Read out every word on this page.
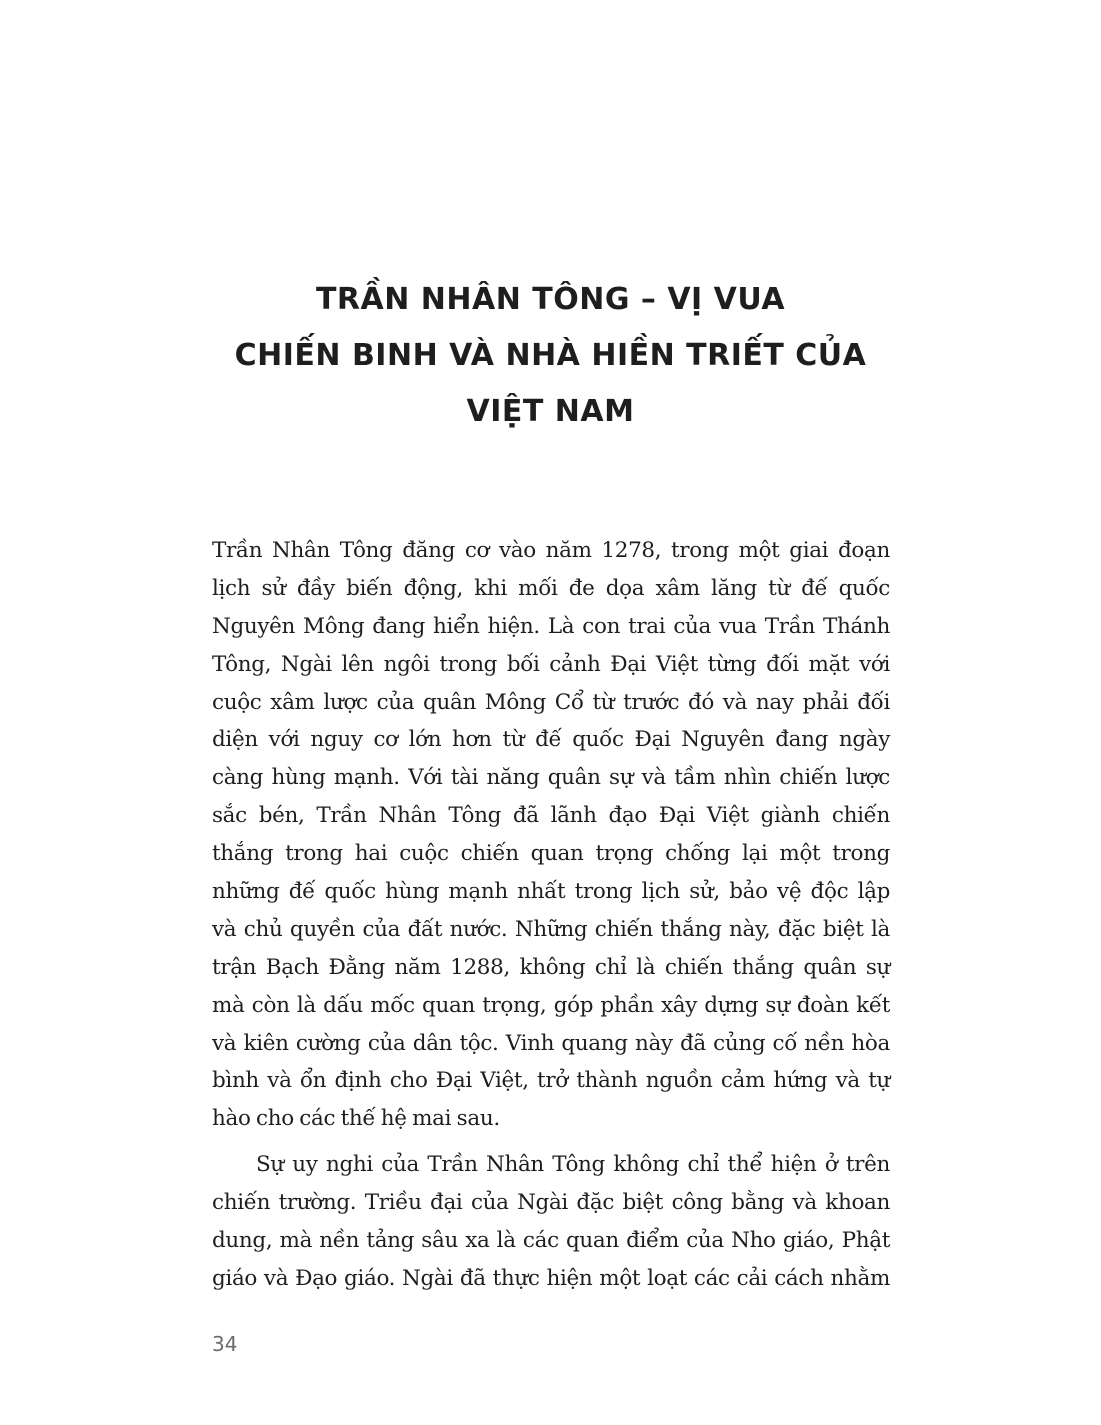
TRẦN NHÂN TÔNG – VỊ VUA
CHIẾN BINH VÀ NHÀ HIỀN TRIẾT CỦA
VIỆT NAM

Trần Nhân Tông đăng cơ vào năm 1278, trong một giai đoạn
lịch sử đầy biến động, khi mối đe dọa xâm lăng từ đế quốc
Nguyên Mông đang hiển hiện. Là con trai của vua Trần Thánh
Tông, Ngài lên ngôi trong bối cảnh Đại Việt từng đối mặt với
cuộc xâm lược của quân Mông Cổ từ trước đó và nay phải đối
diện với nguy cơ lớn hơn từ đế quốc Đại Nguyên đang ngày
càng hùng mạnh. Với tài năng quân sự và tầm nhìn chiến lược
sắc bén, Trần Nhân Tông đã lãnh đạo Đại Việt giành chiến
thắng trong hai cuộc chiến quan trọng chống lại một trong
những đế quốc hùng mạnh nhất trong lịch sử, bảo vệ độc lập
và chủ quyền của đất nước. Những chiến thắng này, đặc biệt là
trận Bạch Đằng năm 1288, không chỉ là chiến thắng quân sự
mà còn là dấu mốc quan trọng, góp phần xây dựng sự đoàn kết
và kiên cường của dân tộc. Vinh quang này đã củng cố nền hòa
bình và ổn định cho Đại Việt, trở thành nguồn cảm hứng và tự
hào cho các thế hệ mai sau.

Sự uy nghi của Trần Nhân Tông không chỉ thể hiện ở trên
chiến trường. Triều đại của Ngài đặc biệt công bằng và khoan
dung, mà nền tảng sâu xa là các quan điểm của Nho giáo, Phật
giáo và Đạo giáo. Ngài đã thực hiện một loạt các cải cách nhằm

34
